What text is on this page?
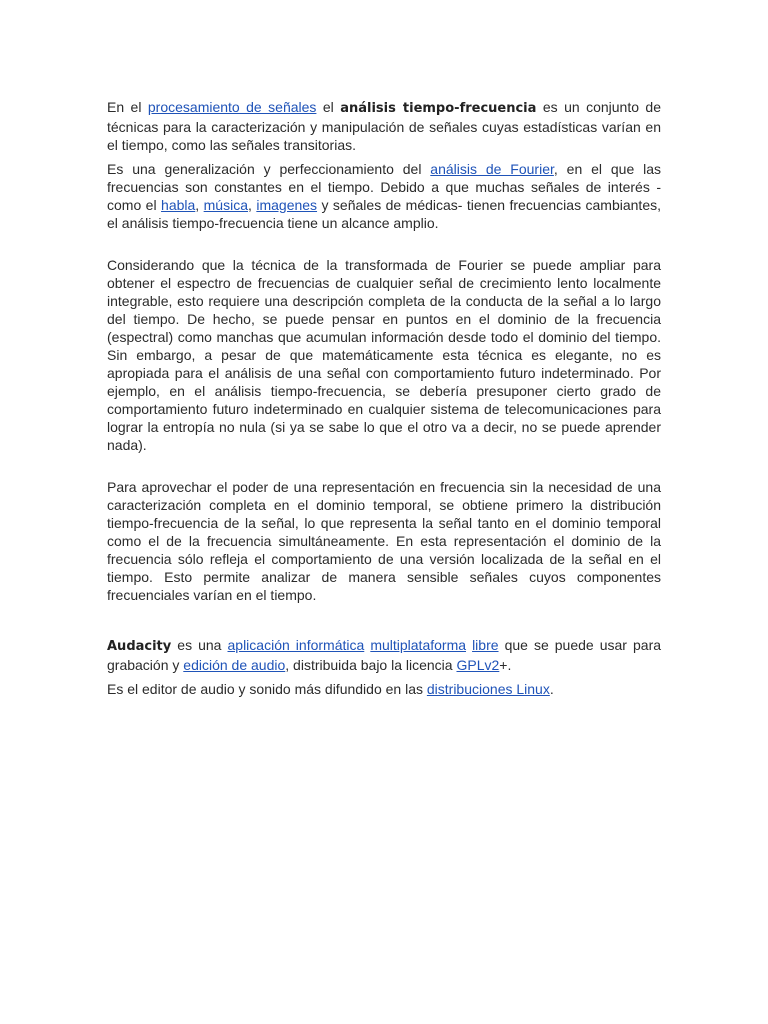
En el procesamiento de señales el análisis tiempo-frecuencia es un conjunto de técnicas para la caracterización y manipulación de señales cuyas estadísticas varían en el tiempo, como las señales transitorias.

Es una generalización y perfeccionamiento del análisis de Fourier, en el que las frecuencias son constantes en el tiempo. Debido a que muchas señales de interés -como el habla, música, imagenes y señales de médicas- tienen frecuencias cambiantes, el análisis tiempo-frecuencia tiene un alcance amplio.

Considerando que la técnica de la transformada de Fourier se puede ampliar para obtener el espectro de frecuencias de cualquier señal de crecimiento lento localmente integrable, esto requiere una descripción completa de la conducta de la señal a lo largo del tiempo. De hecho, se puede pensar en puntos en el dominio de la frecuencia (espectral) como manchas que acumulan información desde todo el dominio del tiempo. Sin embargo, a pesar de que matemáticamente esta técnica es elegante, no es apropiada para el análisis de una señal con comportamiento futuro indeterminado. Por ejemplo, en el análisis tiempo-frecuencia, se debería presuponer cierto grado de comportamiento futuro indeterminado en cualquier sistema de telecomunicaciones para lograr la entropía no nula (si ya se sabe lo que el otro va a decir, no se puede aprender nada).

Para aprovechar el poder de una representación en frecuencia sin la necesidad de una caracterización completa en el dominio temporal, se obtiene primero la distribución tiempo-frecuencia de la señal, lo que representa la señal tanto en el dominio temporal como el de la frecuencia simultáneamente. En esta representación el dominio de la frecuencia sólo refleja el comportamiento de una versión localizada de la señal en el tiempo. Esto permite analizar de manera sensible señales cuyos componentes frecuenciales varían en el tiempo.

Audacity es una aplicación informática multiplataforma libre que se puede usar para grabación y edición de audio, distribuida bajo la licencia GPLv2+.

Es el editor de audio y sonido más difundido en las distribuciones Linux.
